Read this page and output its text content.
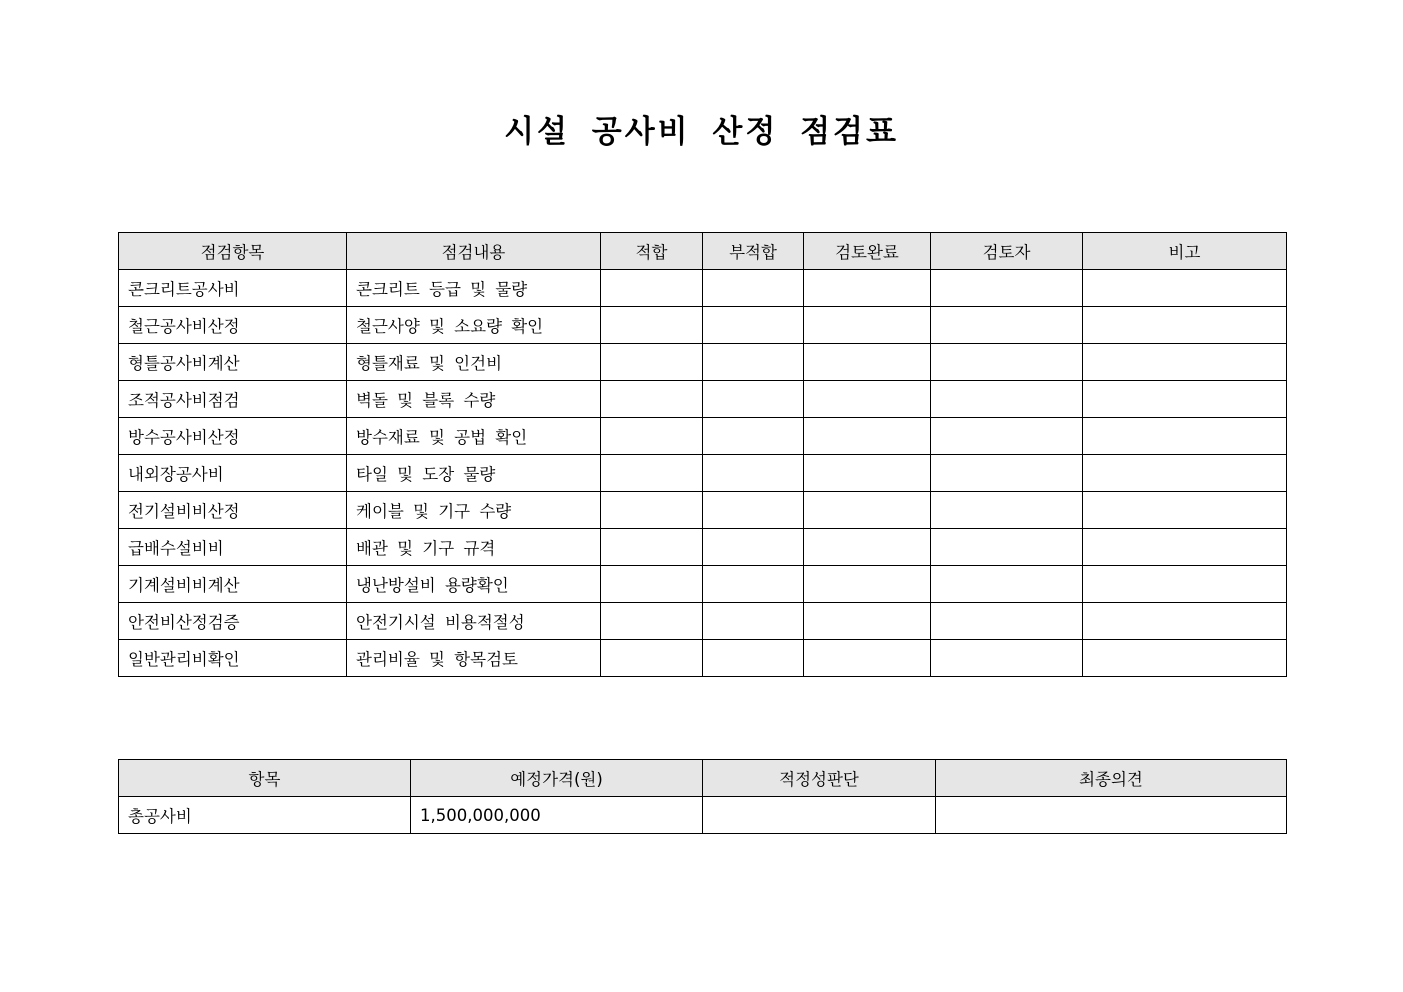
시설 공사비 산정 점검표
점검항목	점검내용	적합	부적합	검토완료	검토자	비고
콘크리트공사비	콘크리트 등급 및 물량					
철근공사비산정	철근사양 및 소요량 확인					
형틀공사비계산	형틀재료 및 인건비					
조적공사비점검	벽돌 및 블록 수량					
방수공사비산정	방수재료 및 공법 확인					
내외장공사비	타일 및 도장 물량					
전기설비비산정	케이블 및 기구 수량					
급배수설비비	배관 및 기구 규격					
기계설비비계산	냉난방설비 용량확인					
안전비산정검증	안전기시설 비용적절성					
일반관리비확인	관리비율 및 항목검토					
항목	예정가격(원)	적정성판단	최종의견
총공사비	1,500,000,000		
